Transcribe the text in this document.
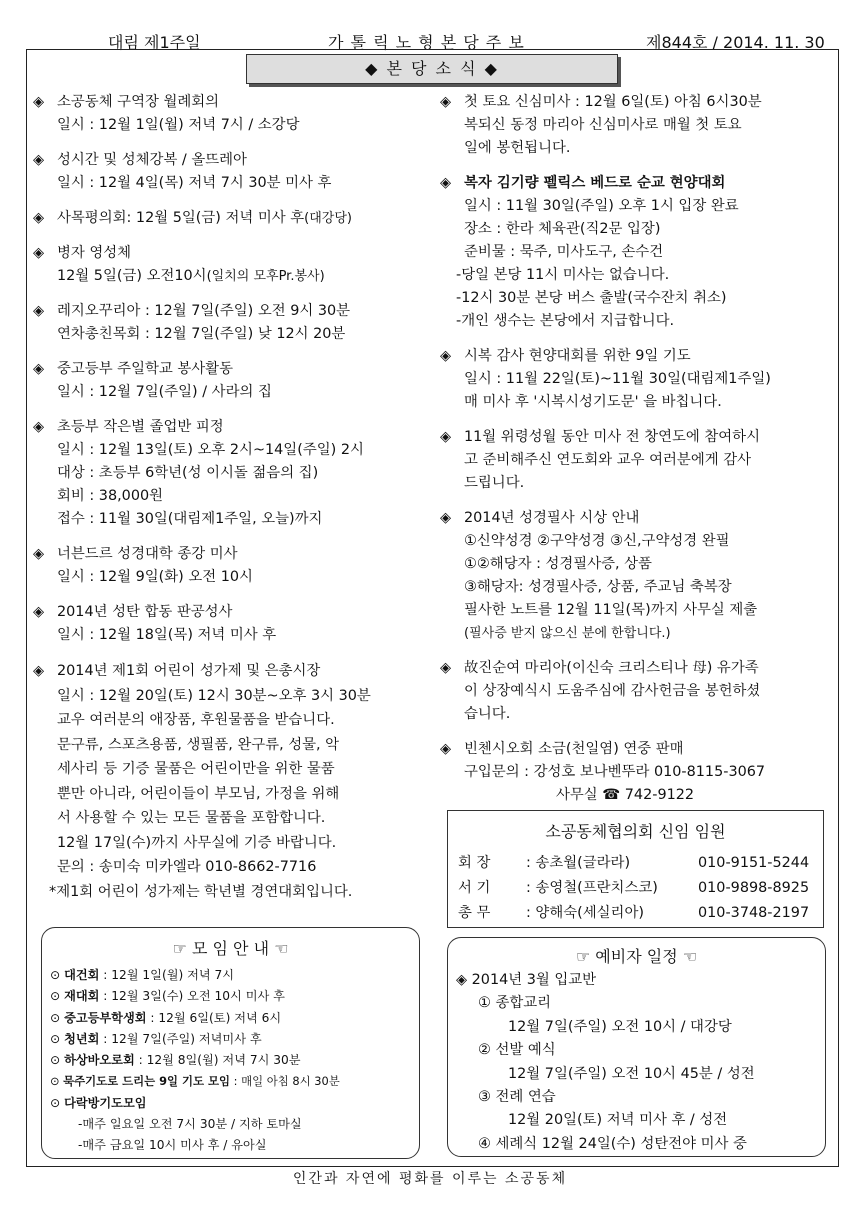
대림 제1주일	가 톨 릭 노 형 본 당 주 보	제844호 / 2014. 11. 30
◆ 본 당 소 식 ◆
◈ 소공동체 구역장 월례회의
일시 : 12월 1일(월) 저녁 7시 / 소강당
◈ 성시간 및 성체강복 / 올뜨레아
일시 : 12월 4일(목) 저녁 7시 30분 미사 후
◈ 사목평의회: 12월 5일(금) 저녁 미사 후(대강당)
◈ 병자 영성체
12월 5일(금) 오전10시(일치의 모후Pr.봉사)
◈ 레지오꾸리아 : 12월 7일(주일) 오전 9시 30분
연차총친목회 : 12월 7일(주일) 낮 12시 20분
◈ 중고등부 주일학교 봉사활동
일시 : 12월 7일(주일) / 사라의 집
◈ 초등부 작은별 졸업반 피정
일시 : 12월 13일(토) 오후 2시~14일(주일) 2시
대상 : 초등부 6학년(성 이시돌 젊음의 집)
회비 : 38,000원
접수 : 11월 30일(대림제1주일, 오늘)까지
◈ 너븐드르 성경대학 종강 미사
일시 : 12월 9일(화) 오전 10시
◈ 2014년 성탄 합동 판공성사
일시 : 12월 18일(목) 저녁 미사 후
◈ 2014년 제1회 어린이 성가제 및 은총시장
일시 : 12월 20일(토) 12시 30분~오후 3시 30분
교우 여러분의 애장품, 후원물품을 받습니다.
문구류, 스포츠용품, 생필품, 완구류, 성물, 악
세사리 등 기증 물품은 어린이만을 위한 물품
뿐만 아니라, 어린이들이 부모님, 가정을 위해
서 사용할 수 있는 모든 물품을 포함합니다.
12월 17일(수)까지 사무실에 기증 바랍니다.
문의 : 송미숙 미카엘라 010-8662-7716
*제1회 어린이 성가제는 학년별 경연대회입니다.
◈ 첫 토요 신심미사 : 12월 6일(토) 아침 6시30분
복되신 동정 마리아 신심미사로 매월 첫 토요
일에 봉헌됩니다.
◈ 복자 김기량 펠릭스 베드로 순교 현양대회
일시 : 11월 30일(주일) 오후 1시 입장 완료
장소 : 한라 체육관(직2문 입장)
준비물 : 묵주, 미사도구, 손수건
-당일 본당 11시 미사는 없습니다.
-12시 30분 본당 버스 출발(국수잔치 취소)
-개인 생수는 본당에서 지급합니다.
◈ 시복 감사 현양대회를 위한 9일 기도
일시 : 11월 22일(토)~11월 30일(대림제1주일)
매 미사 후 '시복시성기도문' 을 바칩니다.
◈ 11월 위령성월 동안 미사 전 창연도에 참여하시
고 준비해주신 연도회와 교우 여러분에게 감사
드립니다.
◈ 2014년 성경필사 시상 안내
①신약성경 ②구약성경 ③신,구약성경 완필
①②해당자 : 성경필사증, 상품
③해당자: 성경필사증, 상품, 주교님 축복장
필사한 노트를 12월 11일(목)까지 사무실 제출
(필사증 받지 않으신 분에 한합니다.)
◈ 故진순여 마리아(이신숙 크리스티나 母) 유가족
이 상장예식시 도움주심에 감사헌금을 봉헌하셨
습니다.
◈ 빈첸시오회 소금(천일염) 연중 판매
구입문의 : 강성호 보나벤뚜라 010-8115-3067
사무실 ☎ 742-9122
소공동체협의회 신임 임원
회 장 : 송초월(글라라)	010-9151-5244
서 기 : 송영철(프란치스코)	010-9898-8925
총 무 : 양해숙(세실리아)	010-3748-2197
☞ 모 임 안 내 ☜
⊙ 대건회 : 12월 1일(월) 저녁 7시
⊙ 재대회 : 12월 3일(수) 오전 10시 미사 후
⊙ 중고등부학생회 : 12월 6일(토) 저녁 6시
⊙ 청년회 : 12월 7일(주일) 저녁미사 후
⊙ 하상바오로회 : 12월 8일(월) 저녁 7시 30분
⊙ 묵주기도로 드리는 9일 기도 모임 : 매일 아침 8시 30분
⊙ 다락방기도모임
-매주 일요일 오전 7시 30분 / 지하 토마실
-매주 금요일 10시 미사 후 / 유아실
☞ 예비자 일정 ☜
◈ 2014년 3월 입교반
① 종합교리
12월 7일(주일) 오전 10시 / 대강당
② 선발 예식
12월 7일(주일) 오전 10시 45분 / 성전
③ 전례 연습
12월 20일(토) 저녁 미사 후 / 성전
④ 세례식 12월 24일(수) 성탄전야 미사 중
인간과 자연에 평화를 이루는 소공동체
